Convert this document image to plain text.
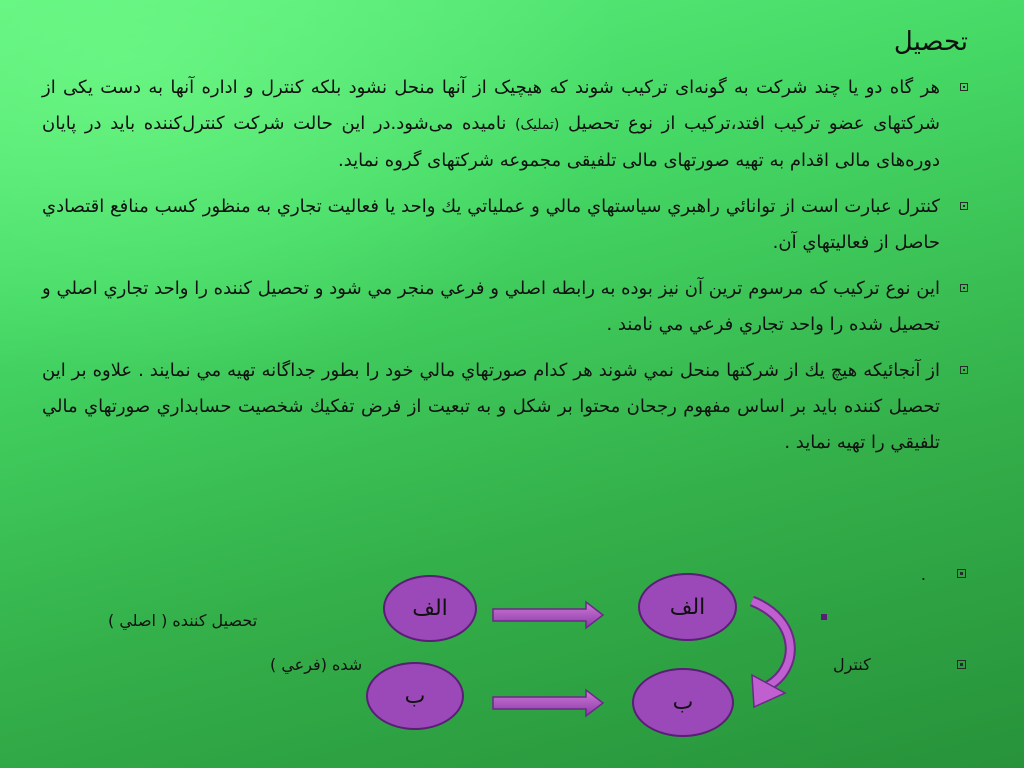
تحصیل

هر گاه دو یا چند شرکت به گونه‌ای ترکیب شوند که هیچیک از آنها منحل نشود بلکه کنترل و اداره آنها به دست یکی از شرکتهای عضو ترکیب افتد،ترکیب از نوع تحصیل (تملیک) نامیده می‌شود.در این حالت شرکت کنترل‌کننده باید در پایان دوره‌های مالی اقدام به تهیه صورتهای مالی تلفیقی مجموعه شرکتهای گروه نماید.

کنترل عبارت است از توانائي راهبري سياستهاي مالي و عملياتي يك واحد يا فعاليت تجاري به منظور كسب منافع اقتصادي حاصل از فعاليتهاي آن.

این نوع ترکیب که مرسوم ترین آن نیز بوده به رابطه اصلي و فرعي منجر مي شود و تحصیل كننده را واحد تجاري اصلي و تحصیل شده را واحد تجاري فرعي مي نامند .

از آنجائیکه هيچ يك از شرکتها منحل نمي شوند هر کدام صورتهاي مالي خود را بطور جداگانه تهيه مي نمايند . علاوه بر اين تحصيل كننده بايد بر اساس مفهوم رجحان محتوا بر شكل و به تبعيت از فرض تفكيك شخصيت حسابداري صورتهاي مالي تلفيقي را تهيه نمايد .

.
الف
ب
الف
ب
تحصيل كننده ( اصلي )
شده (فرعي )	کنترل
